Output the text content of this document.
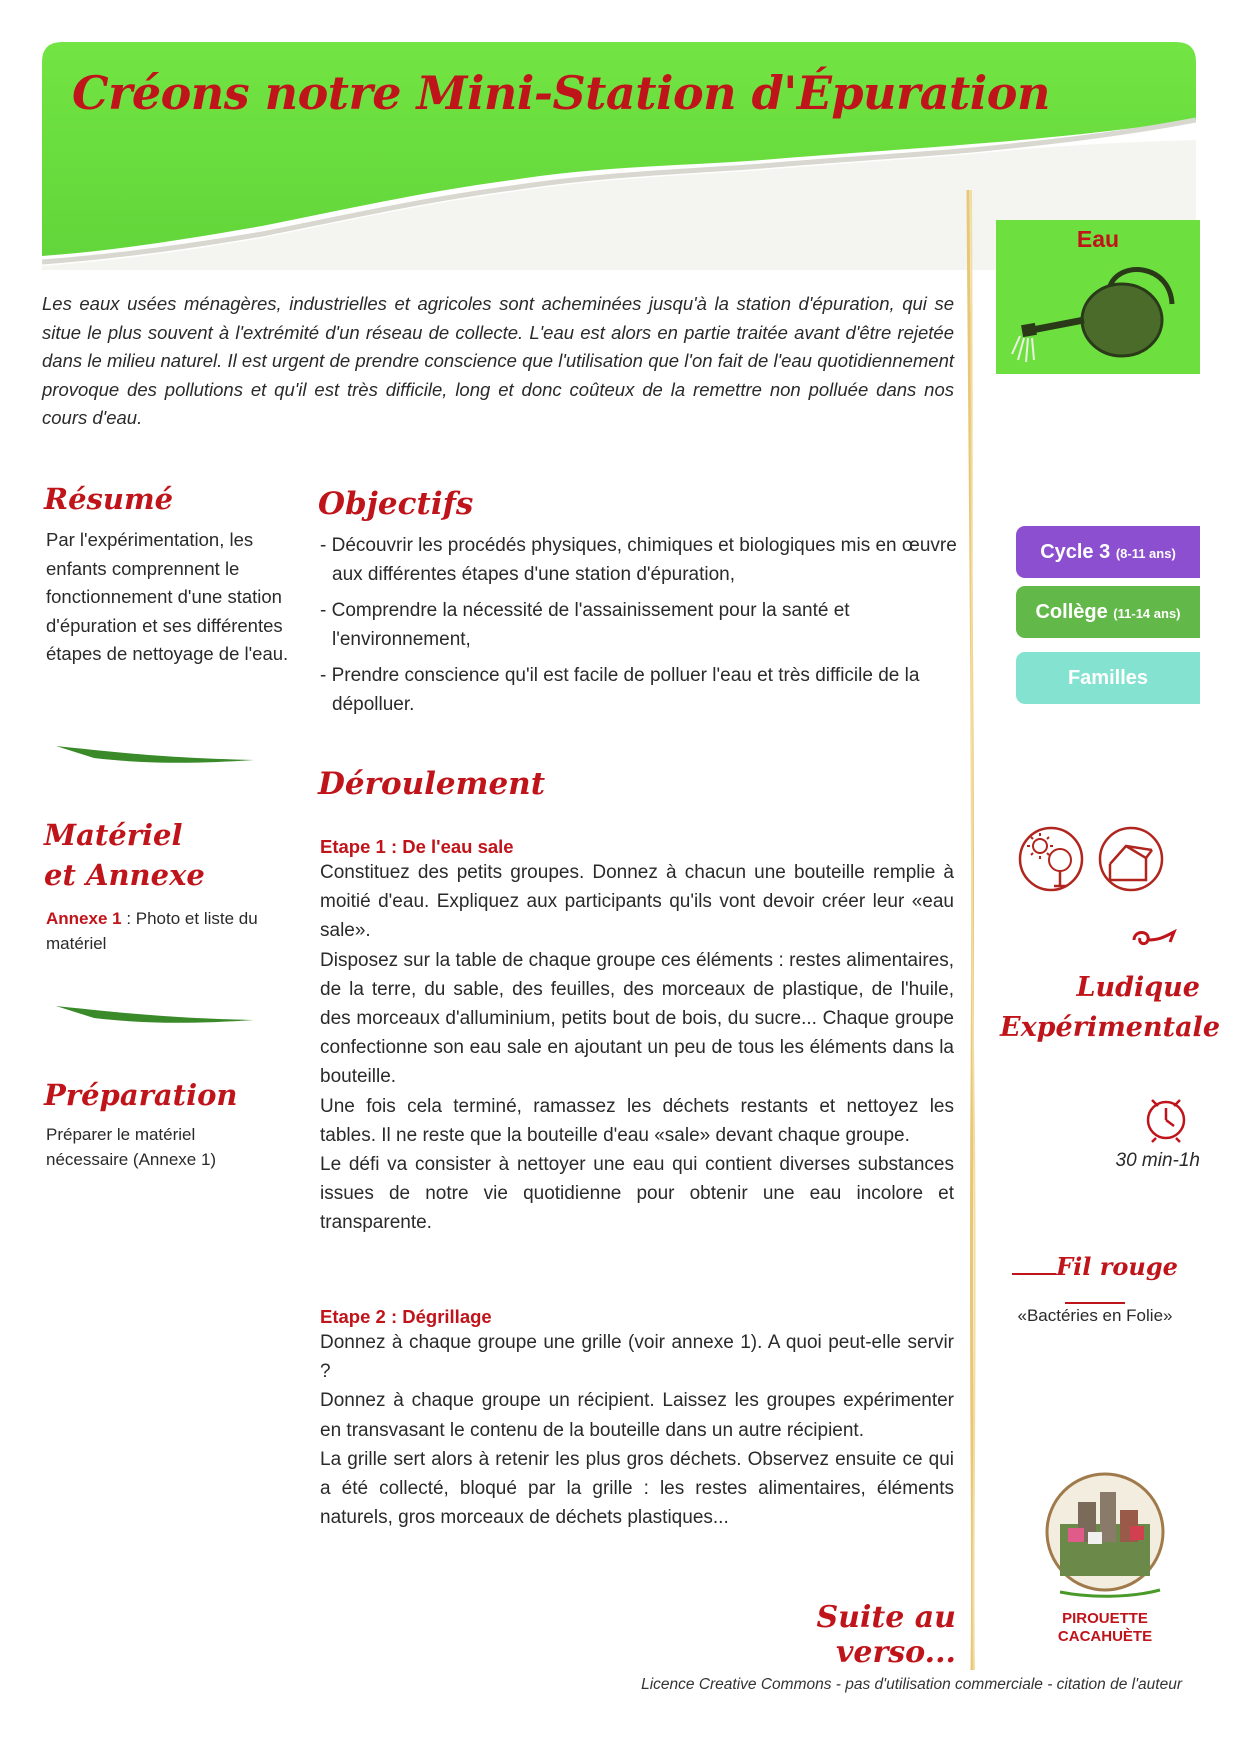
Créons notre Mini-Station d'Épuration
Les eaux usées ménagères, industrielles et agricoles sont acheminées jusqu'à la station d'épuration, qui se situe le plus souvent à l'extrémité d'un réseau de collecte. L'eau est alors en partie traitée avant d'être rejetée dans le milieu naturel. Il est urgent de prendre conscience que l'utilisation que l'on fait de l'eau quotidiennement provoque des pollutions et qu'il est très difficile, long et donc coûteux de la remettre non polluée dans nos cours d'eau.
Résumé
Par l'expérimentation, les enfants comprennent le fonctionnement d'une station d'épuration et ses différentes étapes de nettoyage de l'eau.
Matériel
et Annexe
Annexe 1 : Photo et liste du matériel
Préparation
Préparer le matériel nécessaire (Annexe 1)
Objectifs
- Découvrir les procédés physiques, chimiques et biologiques mis en œuvre aux différentes étapes d'une station d'épuration,
- Comprendre la nécessité de l'assainissement pour la santé et l'environnement,
- Prendre conscience qu'il est facile de polluer l'eau et très difficile de la dépolluer.
Déroulement
Etape 1 : De l'eau sale
Constituez des petits groupes. Donnez à chacun une bouteille remplie à moitié d'eau. Expliquez aux participants qu'ils vont devoir créer leur «eau sale».
Disposez sur la table de chaque groupe ces éléments : restes alimentaires, de la terre, du sable, des feuilles, des morceaux de plastique, de l'huile, des morceaux d'alluminium, petits bout de bois, du sucre... Chaque groupe confectionne son eau sale en ajoutant un peu de tous les éléments dans la bouteille.
Une fois cela terminé, ramassez les déchets restants et nettoyez les tables. Il ne reste que la bouteille d'eau «sale» devant chaque groupe.
Le défi va consister à nettoyer une eau qui contient diverses substances issues de notre vie quotidienne pour obtenir une eau incolore et transparente.
Etape 2 : Dégrillage
Donnez à chaque groupe une grille (voir annexe 1). A quoi peut-elle servir ?
Donnez à chaque groupe un récipient. Laissez les groupes expérimenter en transvasant le contenu de la bouteille dans un autre récipient.
La grille sert alors à retenir les plus gros déchets. Observez ensuite ce qui a été collecté, bloqué par la grille : les restes alimentaires, éléments naturels, gros morceaux de déchets plastiques...
Suite au verso...
Eau
Cycle 3 (8-11 ans)
Collège (11-14 ans)
Familles
Ludique
Expérimentale
30 min-1h
Fil rouge
«Bactéries en Folie»
PIROUETTE
CACAHUÈTE
Licence Creative Commons - pas d'utilisation commerciale - citation de l'auteur
